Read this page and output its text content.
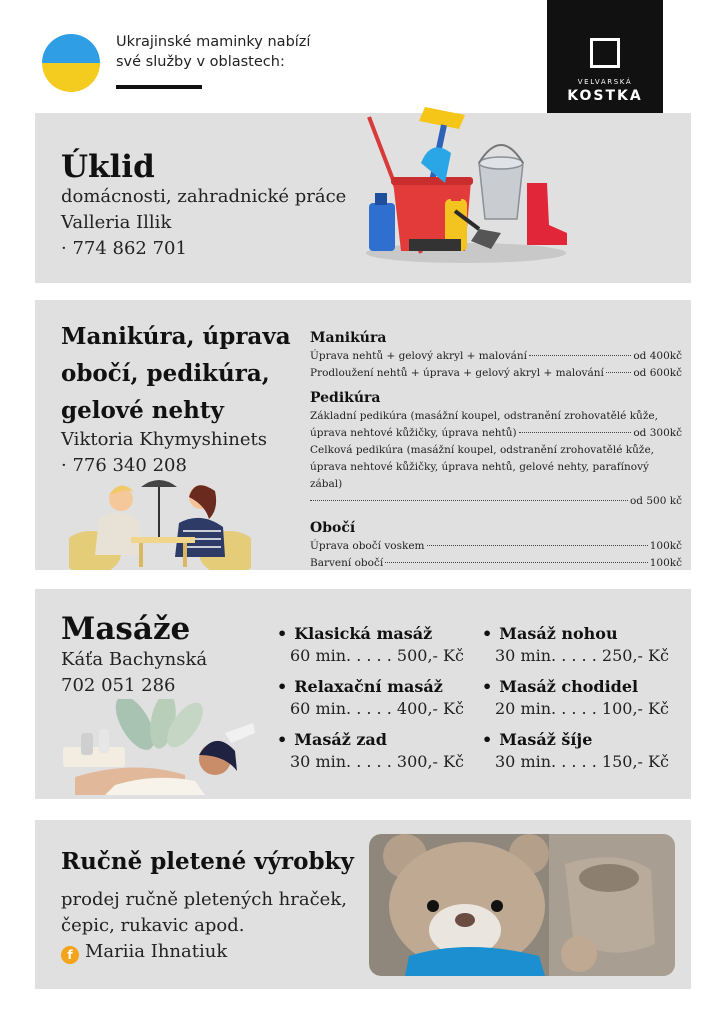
Ukrajinské maminky nabízí
své služby v oblastech:
VELVARSKÁ
KOSTKA
Úklid
domácnosti, zahradnické práce
Valleria Illik
· 774 862 701
Manikúra, úprava
obočí, pedikúra,
gelové nehty
Viktoria Khymyshinets
· 776 340 208
Manikúra
Úprava nehtů + gelový akryl + malování	od 400kč
Prodloužení nehtů + úprava + gelový akryl + malování	od 600kč
Pedikúra
Základní pedikúra (masážní koupel, odstranění zrohovatělé kůže,
úprava nehtové kůžičky, úprava nehtů)	od 300kč
Celková pedikúra (masážní koupel, odstranění zrohovatělé kůže,
úprava nehtové kůžičky, úprava nehtů, gelové nehty, parafínový zábal)
od 500 kč
Obočí
Úprava obočí voskem	100kč
Barvení obočí	100kč
Masáže
Káťa Bachynská
702 051 286
• Klasická masáž
60 min. . . . . 500,- Kč
• Relaxační masáž
60 min. . . . . 400,- Kč
• Masáž zad
30 min. . . . . 300,- Kč
• Masáž nohou
30 min. . . . . 250,- Kč
• Masáž chodidel
20 min. . . . . 100,- Kč
• Masáž šíje
30 min. . . . . 150,- Kč
Ručně pletené výrobky
prodej ručně pletených hraček,
čepic, rukavic apod.
f Mariia Ihnatiuk
